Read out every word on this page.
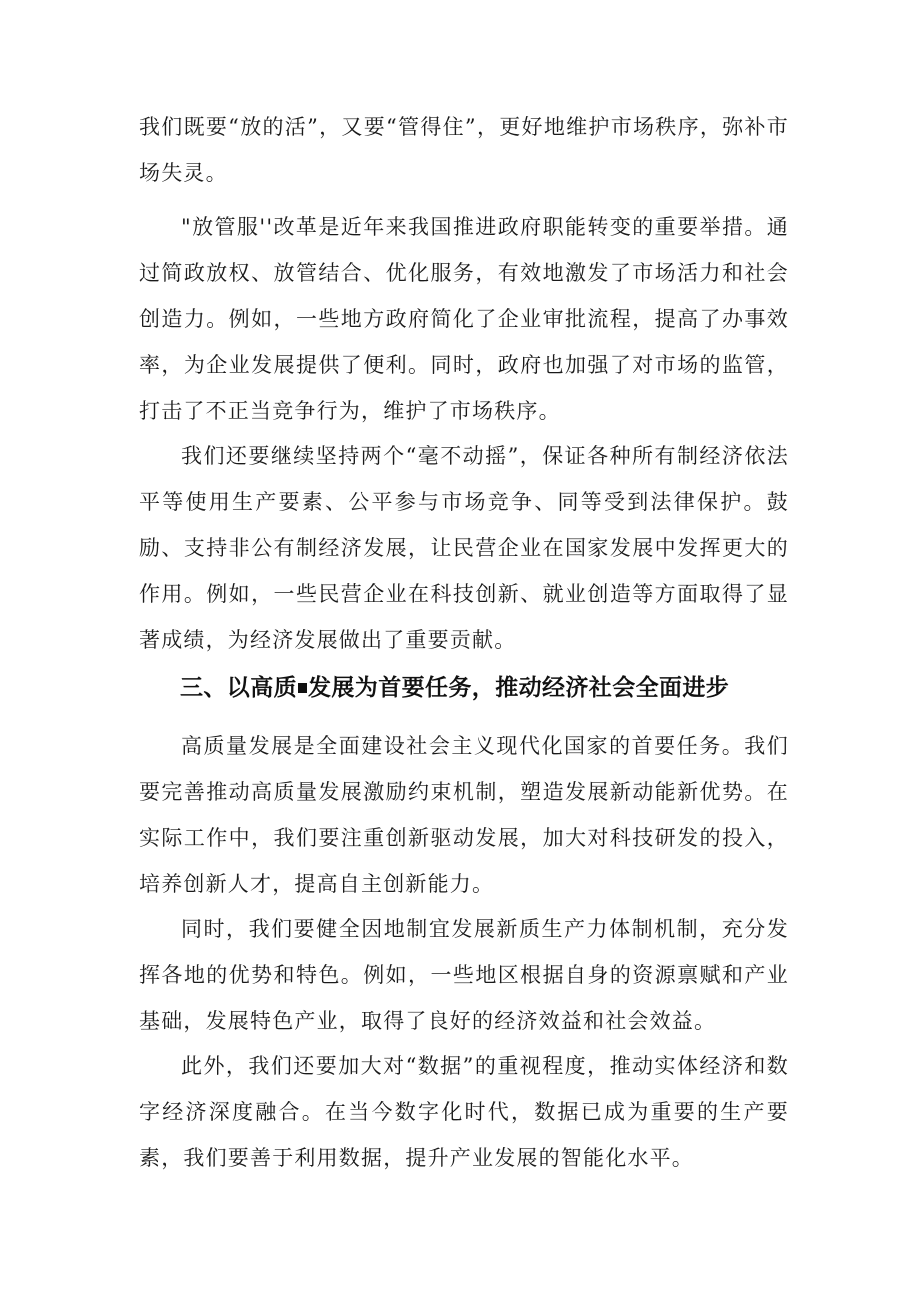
我们既要“放的活”，又要“管得住”，更好地维护市场秩序，弥补市场失灵。

"放管服''改革是近年来我国推进政府职能转变的重要举措。通过简政放权、放管结合、优化服务，有效地激发了市场活力和社会创造力。例如，一些地方政府简化了企业审批流程，提高了办事效率，为企业发展提供了便利。同时，政府也加强了对市场的监管，打击了不正当竞争行为，维护了市场秩序。

我们还要继续坚持两个“毫不动摇”，保证各种所有制经济依法平等使用生产要素、公平参与市场竞争、同等受到法律保护。鼓励、支持非公有制经济发展，让民营企业在国家发展中发挥更大的作用。例如，一些民营企业在科技创新、就业创造等方面取得了显著成绩，为经济发展做出了重要贡献。

三、以高质 发展为首要任务，推动经济社会全面进步

高质量发展是全面建设社会主义现代化国家的首要任务。我们要完善推动高质量发展激励约束机制，塑造发展新动能新优势。在实际工作中，我们要注重创新驱动发展，加大对科技研发的投入，培养创新人才，提高自主创新能力。

同时，我们要健全因地制宜发展新质生产力体制机制，充分发挥各地的优势和特色。例如，一些地区根据自身的资源禀赋和产业基础，发展特色产业，取得了良好的经济效益和社会效益。

此外，我们还要加大对“数据”的重视程度，推动实体经济和数字经济深度融合。在当今数字化时代，数据已成为重要的生产要素，我们要善于利用数据，提升产业发展的智能化水平。
